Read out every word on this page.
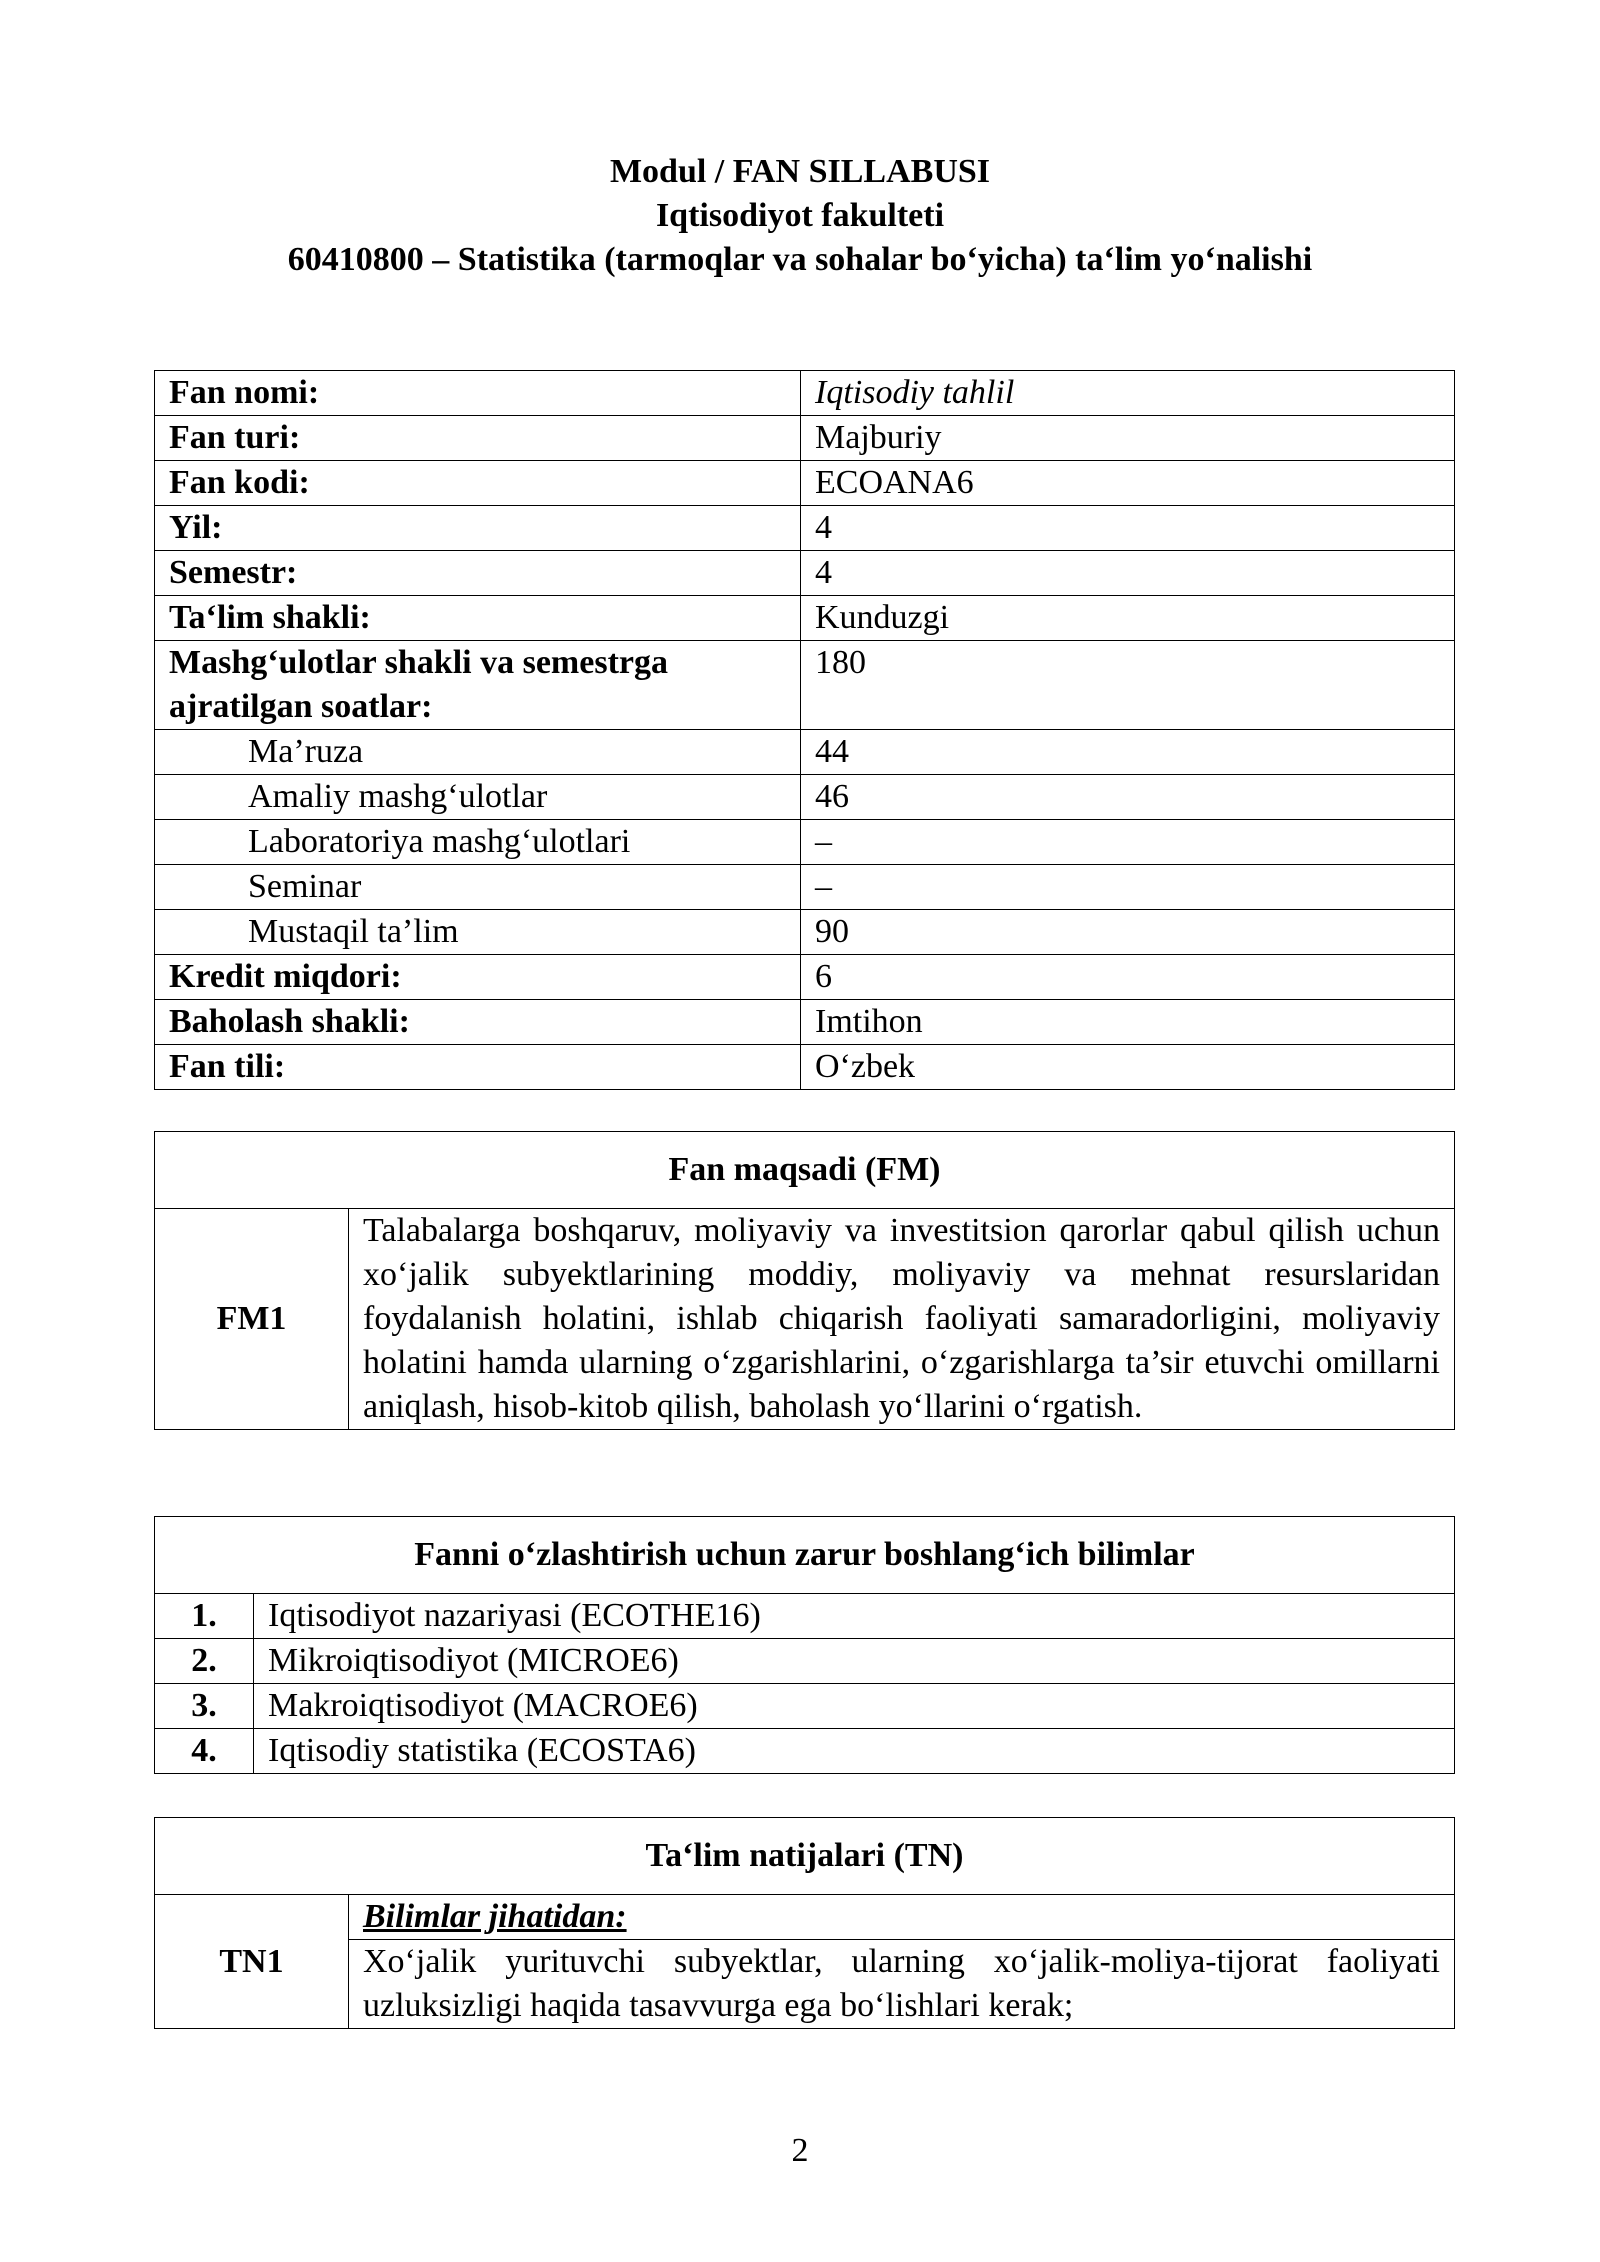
Modul / FAN SILLABUSI
Iqtisodiyot fakulteti
60410800 – Statistika (tarmoqlar va sohalar bo‘yicha) ta‘lim yo‘nalishi
Fan nomi:	Iqtisodiy tahlil
Fan turi:	Majburiy
Fan kodi:	ECOANA6
Yil:	4
Semestr:	4
Ta‘lim shakli:	Kunduzgi
Mashg‘ulotlar shakli va semestrga ajratilgan soatlar:	180
Ma’ruza	44
Amaliy mashg‘ulotlar	46
Laboratoriya mashg‘ulotlari	–
Seminar	–
Mustaqil ta’lim	90
Kredit miqdori:	6
Baholash shakli:	Imtihon
Fan tili:	O‘zbek
Fan maqsadi (FM)
FM1	Talabalarga boshqaruv, moliyaviy va investitsion qarorlar qabul qilish uchun xo‘jalik subyektlarining moddiy, moliyaviy va mehnat resurslaridan foydalanish holatini, ishlab chiqarish faoliyati samaradorligini, moliyaviy holatini hamda ularning o‘zgarishlarini, o‘zgarishlarga ta’sir etuvchi omillarni aniqlash, hisob-kitob qilish, baholash yo‘llarini o‘rgatish.
Fanni o‘zlashtirish uchun zarur boshlang‘ich bilimlar	
1.	Iqtisodiyot nazariyasi (ECOTHE16)
2.	Mikroiqtisodiyot (MICROE6)
3.	Makroiqtisodiyot (MACROE6)
4.	Iqtisodiy statistika (ECOSTA6)
Ta‘lim natijalari (TN)
TN1	Bilimlar jihatidan:
Xo‘jalik yurituvchi subyektlar, ularning xo‘jalik-moliya-tijorat faoliyati uzluksizligi haqida tasavvurga ega bo‘lishlari kerak;
2
